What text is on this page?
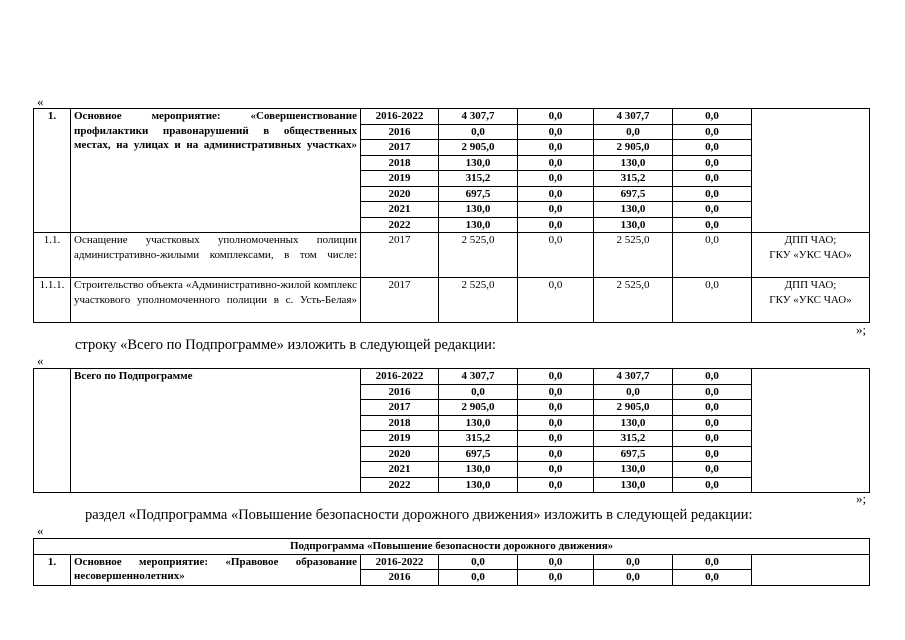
«
»;
строку «Всего по Подпрограмме» изложить в следующей редакции:
«
»;
раздел «Подпрограмма «Повышение безопасности дорожного движения» изложить в следующей редакции:
«
1.	Основное мероприятие: «Совершенствование профилактики правонарушений в общественных местах, на улицах и на административных участках»	2016-2022	4 307,7	0,0	4 307,7	0,0	
		2016	0,0	0,0	0,0	0,0	
		2017	2 905,0	0,0	2 905,0	0,0	
		2018	130,0	0,0	130,0	0,0	
		2019	315,2	0,0	315,2	0,0	
		2020	697,5	0,0	697,5	0,0	
		2021	130,0	0,0	130,0	0,0	
		2022	130,0	0,0	130,0	0,0	
1.1.	Оснащение участковых уполномоченных полиции административно-жилыми комплексами, в том числе:	2017	2 525,0	0,0	2 525,0	0,0	ДПП ЧАО;
ГКУ «УКС ЧАО»

1.1.1.	Строительство объекта «Административно-жилой комплекс участкового уполномоченного полиции в с. Усть-Белая»	2017	2 525,0	0,0	2 525,0	0,0	ДПП ЧАО;
ГКУ «УКС ЧАО»
	Всего по Подпрограмме	2016-2022	4 307,7	0,0	4 307,7	0,0	
		2016	0,0	0,0	0,0	0,0	
		2017	2 905,0	0,0	2 905,0	0,0	
		2018	130,0	0,0	130,0	0,0	
		2019	315,2	0,0	315,2	0,0	
		2020	697,5	0,0	697,5	0,0	
		2021	130,0	0,0	130,0	0,0	
		2022	130,0	0,0	130,0	0,0	
Подпрограмма «Повышение безопасности дорожного движения»							
1.	Основное мероприятие: «Правовое образование несовершеннолетних»	2016-2022	0,0	0,0	0,0	0,0	
		2016	0,0	0,0	0,0	0,0	
